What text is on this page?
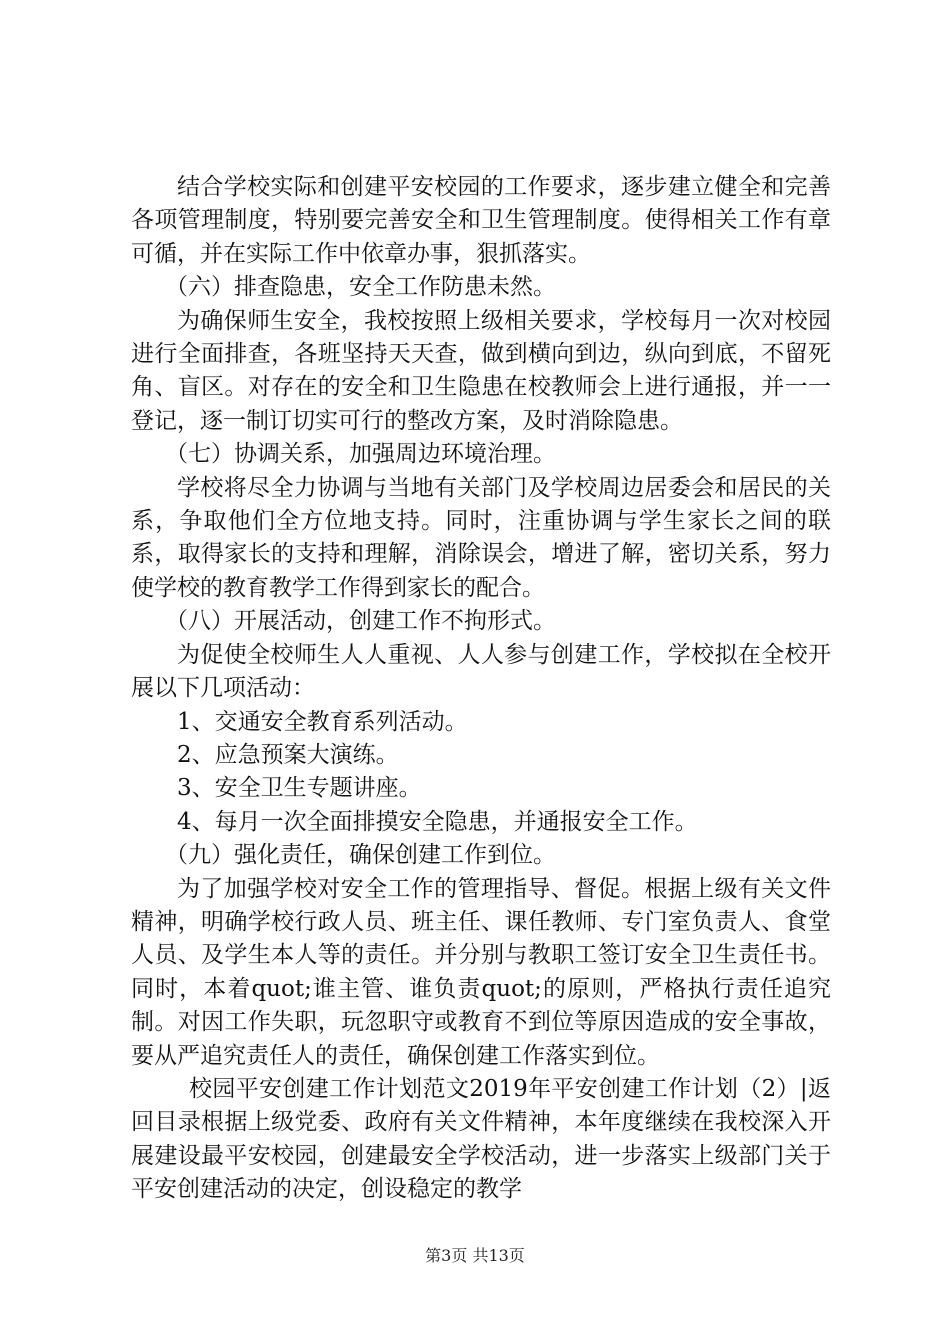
结合学校实际和创建平安校园的工作要求，逐步建立健全和完善各项管理制度，特别要完善安全和卫生管理制度。使得相关工作有章可循，并在实际工作中依章办事，狠抓落实。

（六）排查隐患，安全工作防患未然。

为确保师生安全，我校按照上级相关要求，学校每月一次对校园进行全面排查，各班坚持天天查，做到横向到边，纵向到底，不留死角、盲区。对存在的安全和卫生隐患在校教师会上进行通报，并一一登记，逐一制订切实可行的整改方案，及时消除隐患。

（七）协调关系，加强周边环境治理。

学校将尽全力协调与当地有关部门及学校周边居委会和居民的关系，争取他们全方位地支持。同时，注重协调与学生家长之间的联系，取得家长的支持和理解，消除误会，增进了解，密切关系，努力使学校的教育教学工作得到家长的配合。

（八）开展活动，创建工作不拘形式。

为促使全校师生人人重视、人人参与创建工作，学校拟在全校开展以下几项活动：

1、交通安全教育系列活动。

2、应急预案大演练。

3、安全卫生专题讲座。

4、每月一次全面排摸安全隐患，并通报安全工作。

（九）强化责任，确保创建工作到位。

为了加强学校对安全工作的管理指导、督促。根据上级有关文件精神，明确学校行政人员、班主任、课任教师、专门室负责人、食堂人员、及学生本人等的责任。并分别与教职工签订安全卫生责任书。同时，本着quot;谁主管、谁负责quot;的原则，严格执行责任追究制。对因工作失职，玩忽职守或教育不到位等原因造成的安全事故，要从严追究责任人的责任，确保创建工作落实到位。

校园平安创建工作计划范文2019年平安创建工作计划（2）|返回目录根据上级党委、政府有关文件精神，本年度继续在我校深入开展建设最平安校园，创建最安全学校活动，进一步落实上级部门关于平安创建活动的决定，创设稳定的教学

第3页 共13页
